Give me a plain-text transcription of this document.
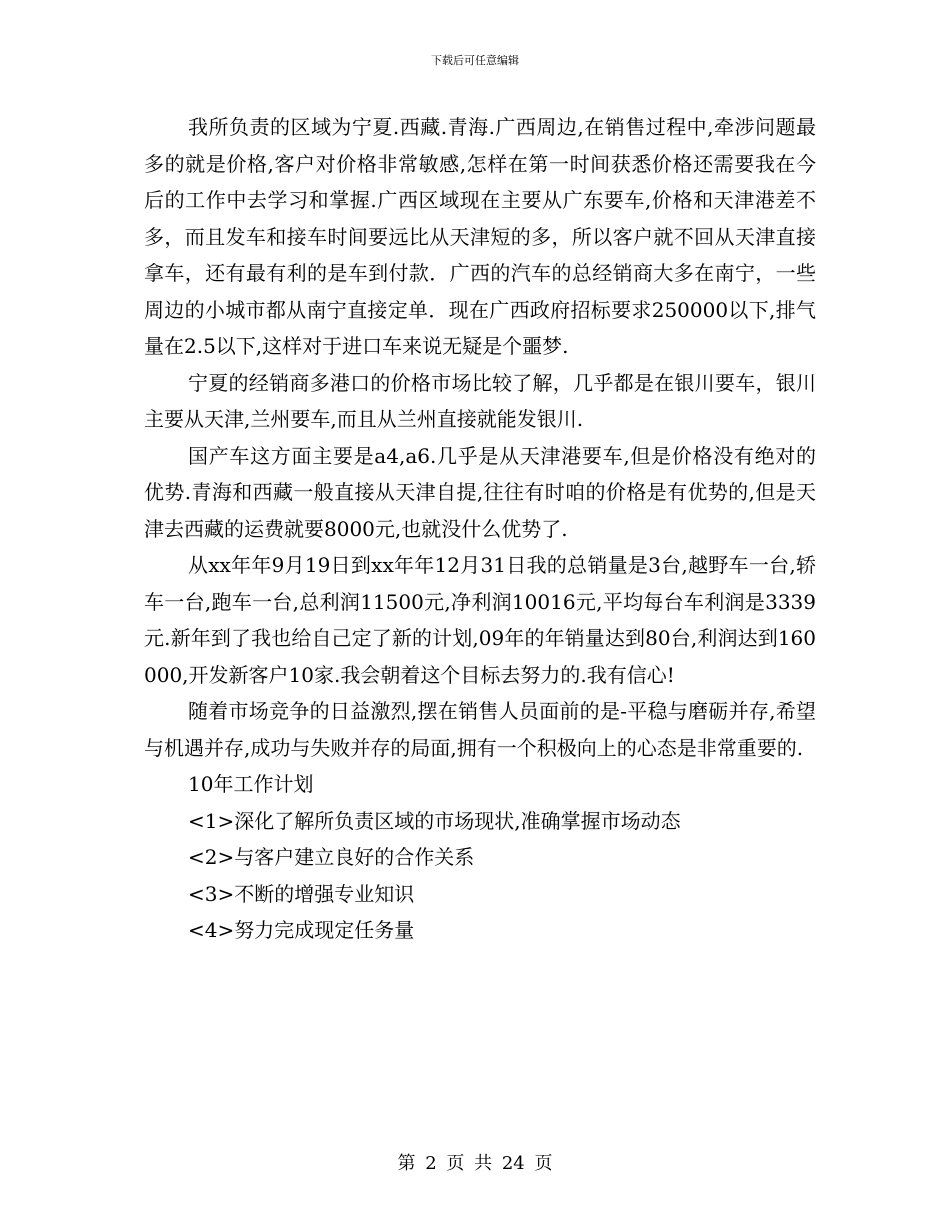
下载后可任意编辑

我所负责的区域为宁夏.西藏.青海.广西周边,在销售过程中,牵涉问题最多的就是价格,客户对价格非常敏感,怎样在第一时间获悉价格还需要我在今后的工作中去学习和掌握.广西区域现在主要从广东要车,价格和天津港差不多，而且发车和接车时间要远比从天津短的多，所以客户就不回从天津直接拿车，还有最有利的是车到付款．广西的汽车的总经销商大多在南宁，一些周边的小城市都从南宁直接定单．现在广西政府招标要求250000以下,排气量在2.5以下,这样对于进口车来说无疑是个噩梦.

宁夏的经销商多港口的价格市场比较了解，几乎都是在银川要车，银川主要从天津,兰州要车,而且从兰州直接就能发银川.

国产车这方面主要是a4,a6.几乎是从天津港要车,但是价格没有绝对的优势.青海和西藏一般直接从天津自提,往往有时咱的价格是有优势的,但是天津去西藏的运费就要8000元,也就没什么优势了.

从xx年年9月19日到xx年年12月31日我的总销量是3台,越野车一台,轿车一台,跑车一台,总利润11500元,净利润10016元,平均每台车利润是3339元.新年到了我也给自己定了新的计划,09年的年销量达到80台,利润达到160000,开发新客户10家.我会朝着这个目标去努力的.我有信心!

随着市场竞争的日益激烈,摆在销售人员面前的是-平稳与磨砺并存,希望与机遇并存,成功与失败并存的局面,拥有一个积极向上的心态是非常重要的.

10年工作计划

<1>深化了解所负责区域的市场现状,准确掌握市场动态

<2>与客户建立良好的合作关系

<3>不断的增强专业知识

<4>努力完成现定任务量

第 2 页 共 24 页
